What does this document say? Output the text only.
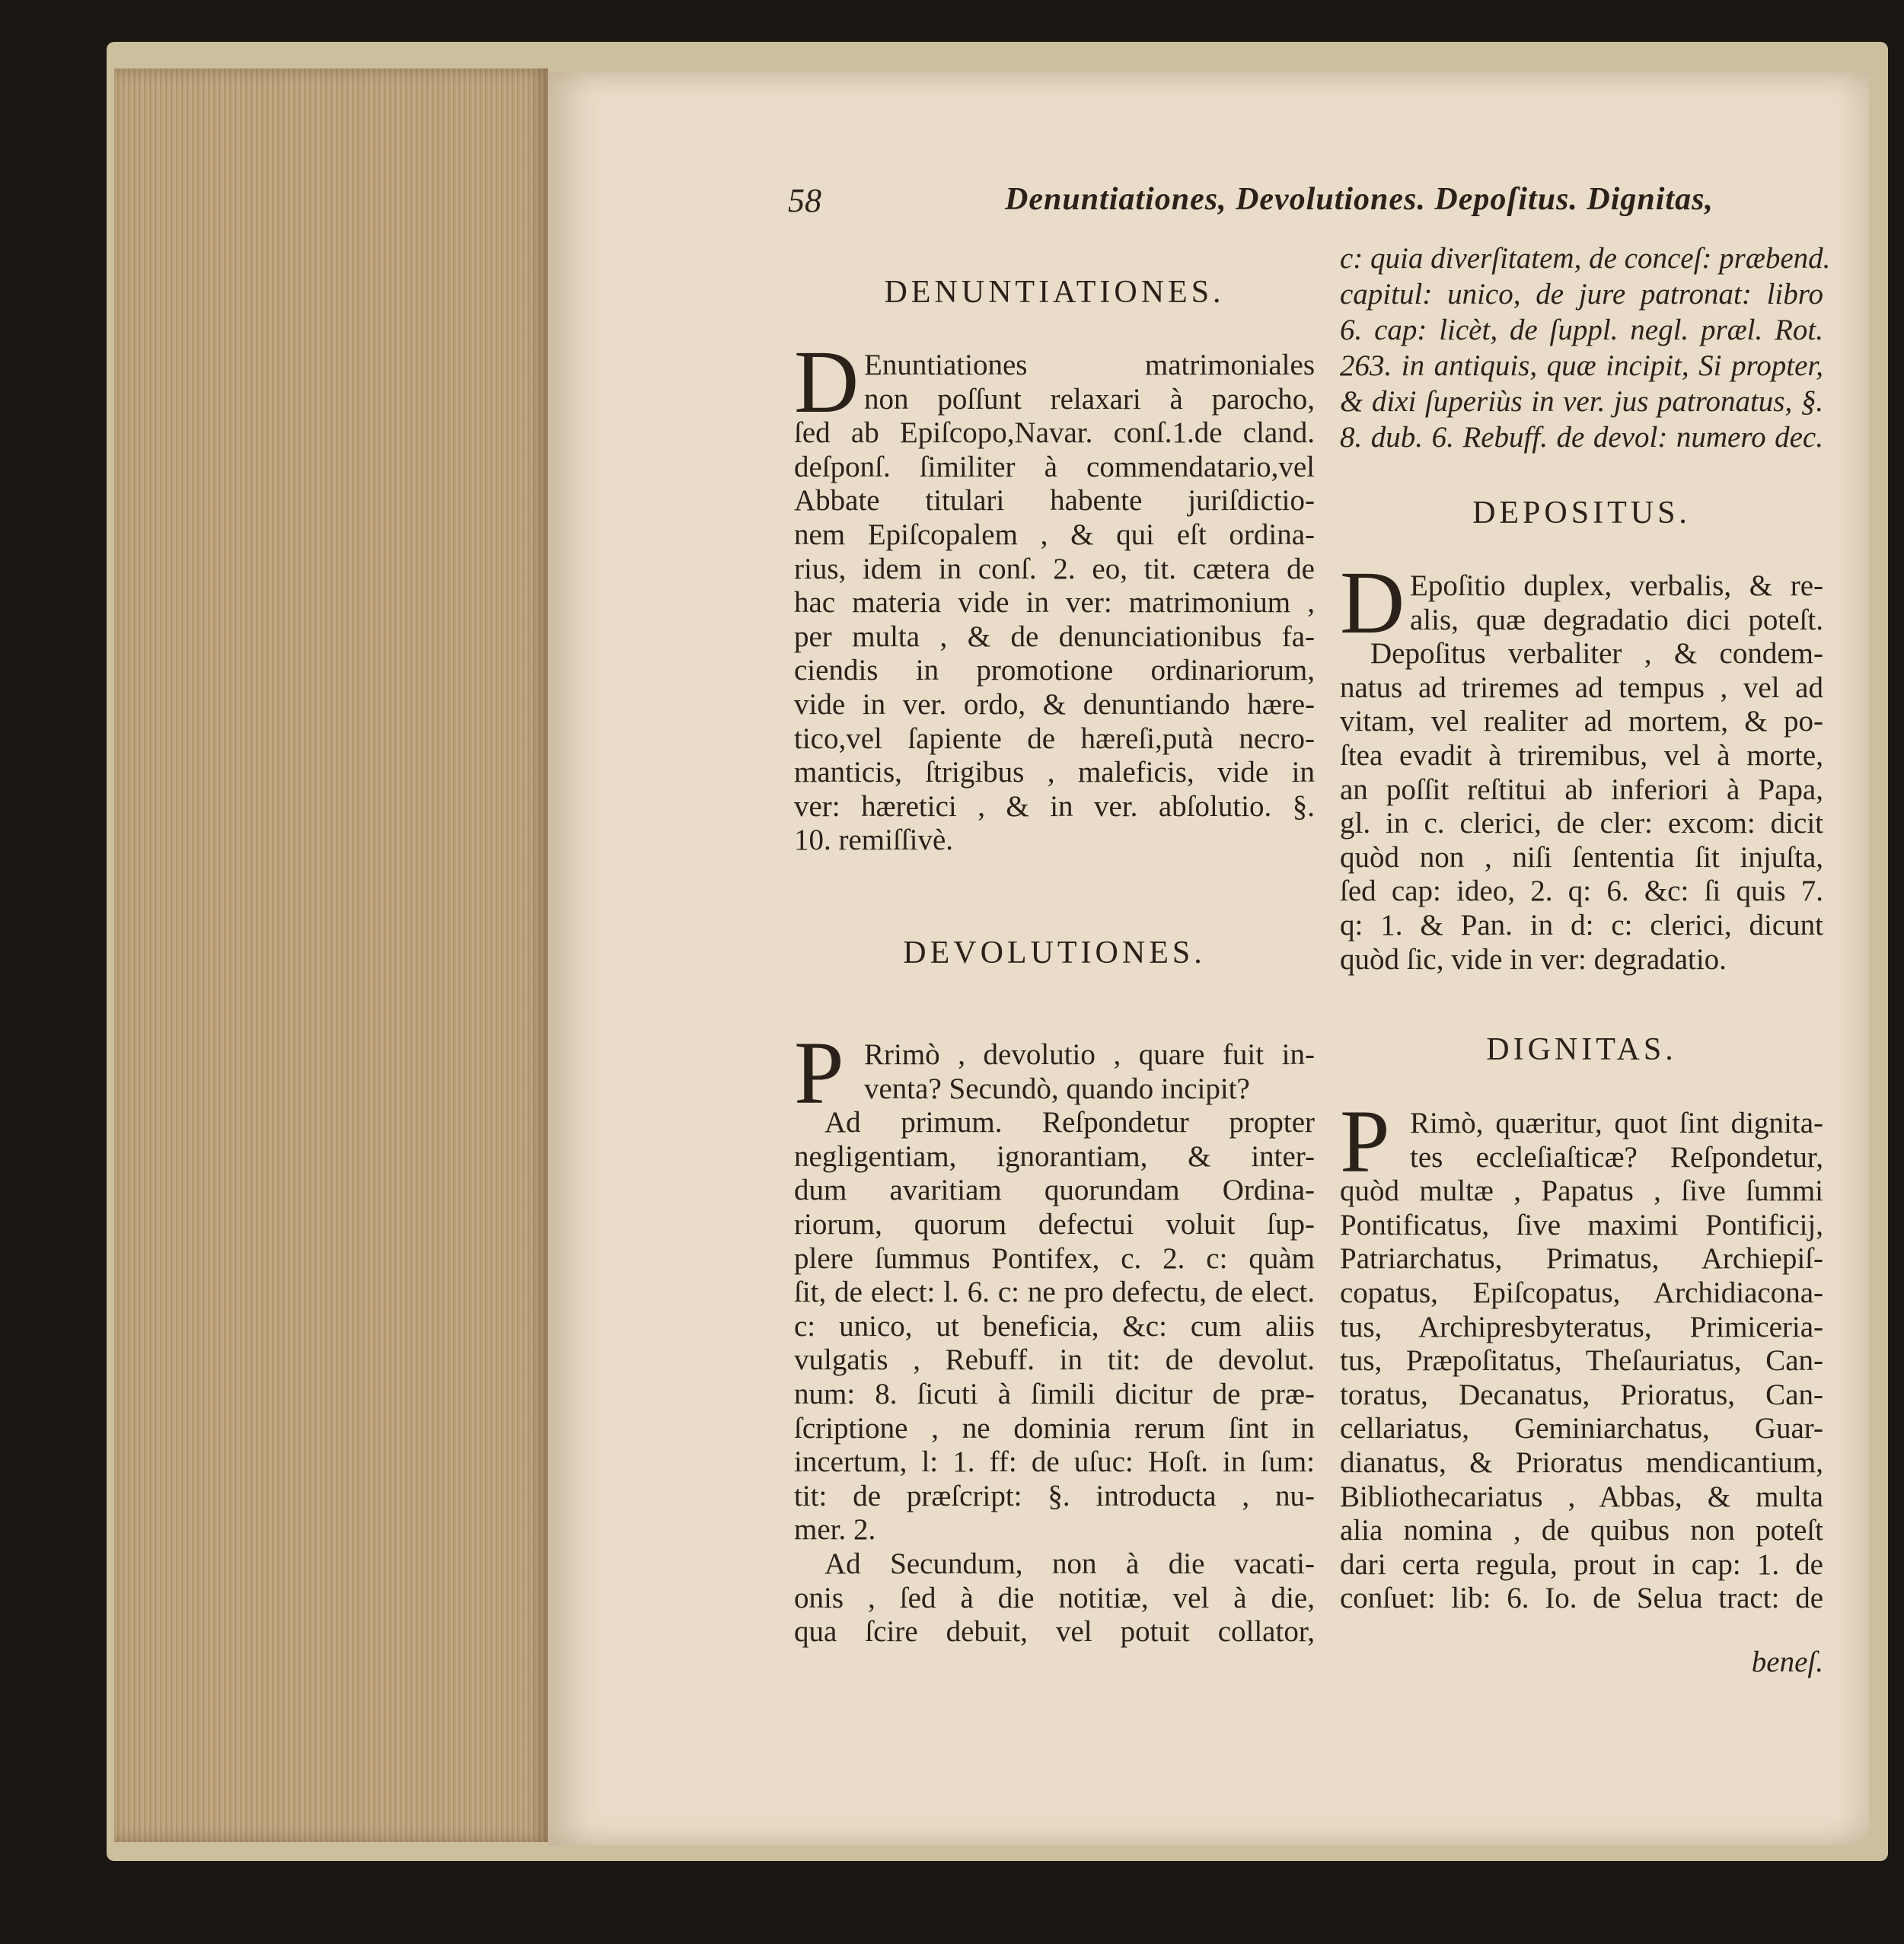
58	Denuntiationes, Devolutiones. Depoſitus. Dignitas,
DENUNTIATIONES.
D
DEVOLUTIONES.
P
Enuntiationes matrimoniales
non poſſunt relaxari à parocho,
ſed ab Epiſcopo,Navar. conſ.1.de cland.
deſponſ. ſimiliter à commendatario,vel
Abbate titulari habente juriſdictio-
nem Epiſcopalem , & qui eſt ordina-
rius, idem in conſ. 2. eo, tit. cætera de
hac materia vide in ver: matrimonium ,
per multa , & de denunciationibus fa-
ciendis in promotione ordinariorum,
vide in ver. ordo, & denuntiando hære-
tico,vel ſapiente de hæreſi,putà necro-
manticis, ſtrigibus , maleficis, vide in
ver: hæretici , & in ver. abſolutio. §.
10. remiſſivè.
Rrimò , devolutio , quare fuit in-
venta? Secundò, quando incipit?
Ad primum. Reſpondetur propter
negligentiam, ignorantiam, & inter-
dum avaritiam quorundam Ordina-
riorum, quorum defectui voluit ſup-
plere ſummus Pontifex, c. 2. c: quàm
ſit, de elect: l. 6. c: ne pro defectu, de elect.
c: unico, ut beneficia, &c: cum aliis
vulgatis , Rebuff. in tit: de devolut.
num: 8. ſicuti à ſimili dicitur de præ-
ſcriptione , ne dominia rerum ſint in
incertum, l: 1. ff: de uſuc: Hoſt. in ſum:
tit: de præſcript: §. introducta , nu-
mer. 2.
Ad Secundum, non à die vacati-
onis , ſed à die notitiæ, vel à die,
qua ſcire debuit, vel potuit collator,
DEPOSITUS.
D
DIGNITAS.
P
beneſ.
c: quia diverſitatem, de conceſ: præbend.
capitul: unico, de jure patronat: libro
6. cap: licèt, de ſuppl. negl. præl. Rot.
263. in antiquis, quæ incipit, Si propter,
& dixi ſuperiùs in ver. jus patronatus, §.
8. dub. 6. Rebuff. de devol: numero dec.
Epoſitio duplex, verbalis, & re-
alis, quæ degradatio dici poteſt.
Depoſitus verbaliter , & condem-
natus ad triremes ad tempus , vel ad
vitam, vel realiter ad mortem, & po-
ſtea evadit à triremibus, vel à morte,
an poſſit reſtitui ab inferiori à Papa,
gl. in c. clerici, de cler: excom: dicit
quòd non , niſi ſententia ſit injuſta,
ſed cap: ideo, 2. q: 6. &c: ſi quis 7.
q: 1. & Pan. in d: c: clerici, dicunt
quòd ſic, vide in ver: degradatio.
Rimò, quæritur, quot ſint dignita-
tes eccleſiaſticæ? Reſpondetur,
quòd multæ , Papatus , ſive ſummi
Pontificatus, ſive maximi Pontificij,
Patriarchatus, Primatus, Archiepiſ-
copatus, Epiſcopatus, Archidiacona-
tus, Archipresbyteratus, Primiceria-
tus, Præpoſitatus, Theſauriatus, Can-
toratus, Decanatus, Prioratus, Can-
cellariatus, Geminiarchatus, Guar-
dianatus, & Prioratus mendicantium,
Bibliothecariatus , Abbas, & multa
alia nomina , de quibus non poteſt
dari certa regula, prout in cap: 1. de
conſuet: lib: 6. Io. de Selua tract: de
